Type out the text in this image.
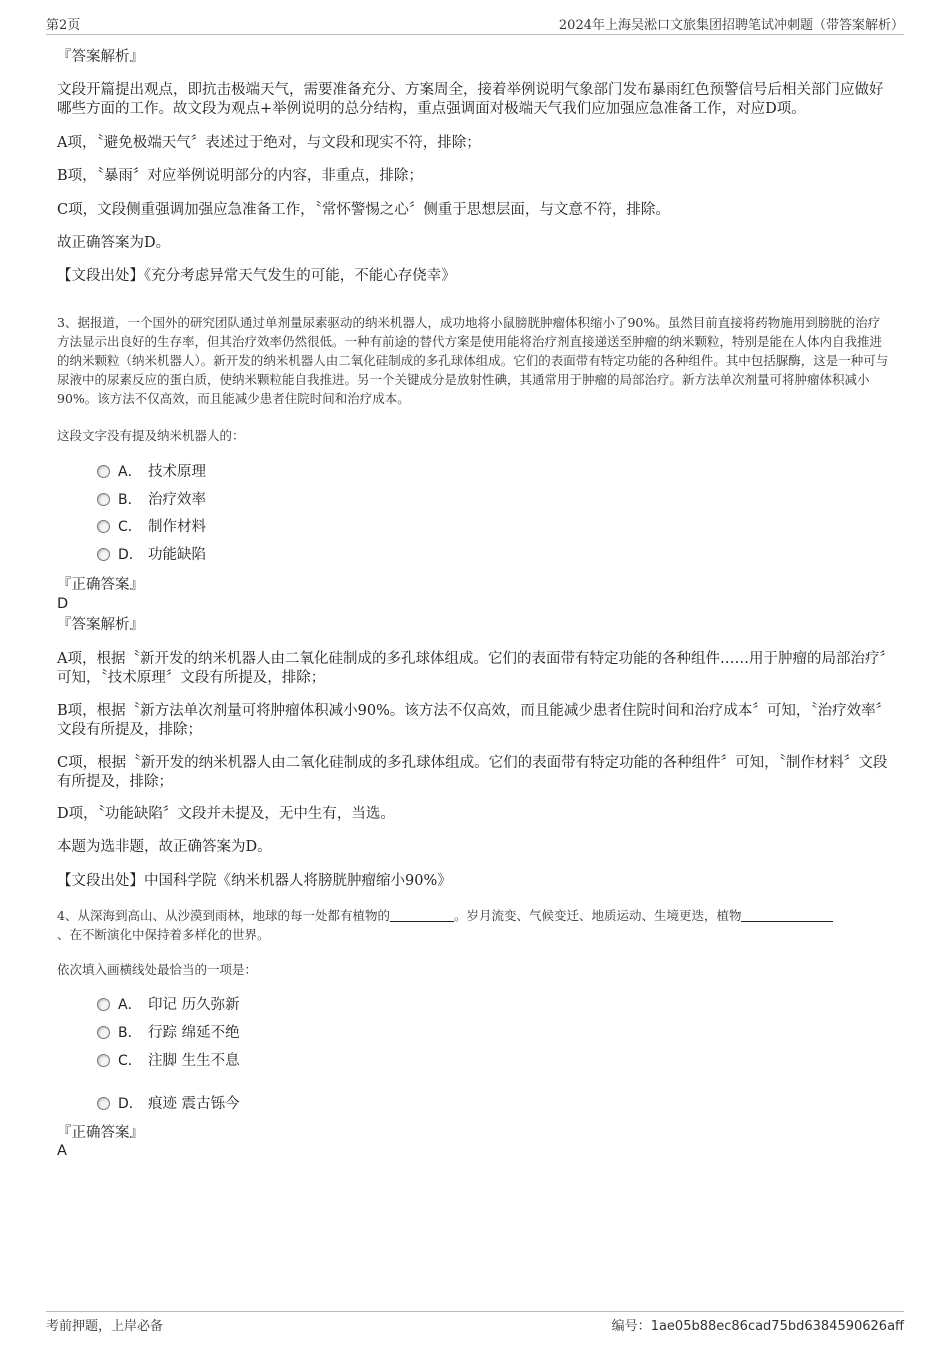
第2页	2024年上海吴淞口文旅集团招聘笔试冲刺题（带答案解析）
『答案解析』

文段开篇提出观点，即抗击极端天气，需要准备充分、方案周全，接着举例说明气象部门发布暴雨红色预警信号后相关部门应做好哪些方面的工作。故文段为观点+举例说明的总分结构，重点强调面对极端天气我们应加强应急准备工作，对应D项。

A项，〝避免极端天气〞表述过于绝对，与文段和现实不符，排除；

B项，〝暴雨〞对应举例说明部分的内容，非重点，排除；

C项，文段侧重强调加强应急准备工作，〝常怀警惕之心〞侧重于思想层面，与文意不符，排除。

故正确答案为D。

【文段出处】《充分考虑异常天气发生的可能，不能心存侥幸》

3、据报道，一个国外的研究团队通过单剂量尿素驱动的纳米机器人，成功地将小鼠膀胱肿瘤体积缩小了90%。虽然目前直接将药物施用到膀胱的治疗方法显示出良好的生存率，但其治疗效率仍然很低。一种有前途的替代方案是使用能将治疗剂直接递送至肿瘤的纳米颗粒，特别是能在人体内自我推进的纳米颗粒（纳米机器人）。新开发的纳米机器人由二氧化硅制成的多孔球体组成。它们的表面带有特定功能的各种组件。其中包括脲酶，这是一种可与尿液中的尿素反应的蛋白质，使纳米颗粒能自我推进。另一个关键成分是放射性碘，其通常用于肿瘤的局部治疗。新方法单次剂量可将肿瘤体积减小90%。该方法不仅高效，而且能减少患者住院时间和治疗成本。

这段文字没有提及纳米机器人的：

A． 技术原理
B． 治疗效率
C． 制作材料
D． 功能缺陷
『正确答案』
D
『答案解析』

A项，根据〝新开发的纳米机器人由二氧化硅制成的多孔球体组成。它们的表面带有特定功能的各种组件……用于肿瘤的局部治疗〞可知，〝技术原理〞文段有所提及，排除；

B项，根据〝新方法单次剂量可将肿瘤体积减小90%。该方法不仅高效，而且能减少患者住院时间和治疗成本〞可知，〝治疗效率〞文段有所提及，排除；

C项，根据〝新开发的纳米机器人由二氧化硅制成的多孔球体组成。它们的表面带有特定功能的各种组件〞可知，〝制作材料〞文段有所提及，排除；

D项，〝功能缺陷〞文段并未提及，无中生有，当选。

本题为选非题，故正确答案为D。

【文段出处】中国科学院《纳米机器人将膀胱肿瘤缩小90%》

4、从深海到高山、从沙漠到雨林，地球的每一处都有植物的	。岁月流变、气候变迁、地质运动、生境更迭，植物
、在不断演化中保持着多样化的世界。

依次填入画横线处最恰当的一项是：

A． 印记 历久弥新
B． 行踪 绵延不绝
C． 注脚 生生不息
D． 痕迹 震古铄今
『正确答案』
A
考前押题，上岸必备	编号：1ae05b88ec86cad75bd6384590626aff
